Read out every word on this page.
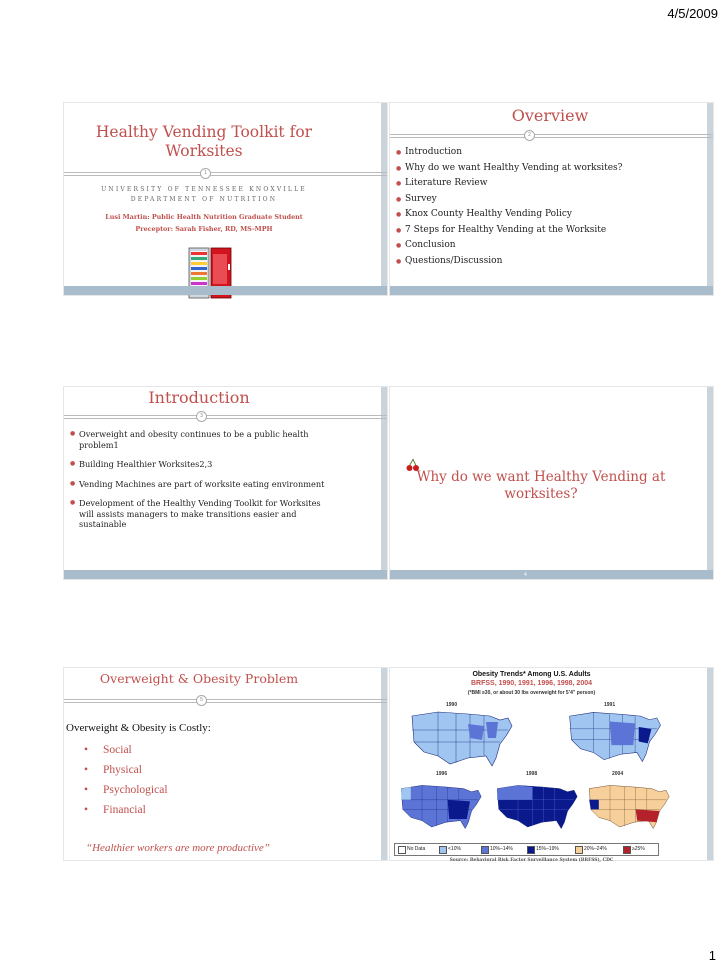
4/5/2009
Healthy Vending Toolkit for Worksites
1
UNIVERSITY OF TENNESSEE KNOXVILLE
DEPARTMENT OF NUTRITION
Lusi Martin: Public Health Nutrition Graduate Student
Preceptor: Sarah Fisher, RD, MS-MPH
Overview
2
● Introduction
● Why do we want Healthy Vending at worksites?
● Literature Review
● Survey
● Knox County Healthy Vending Policy
● 7 Steps for Healthy Vending at the Worksite
● Conclusion
● Questions/Discussion
Introduction
3
● Overweight and obesity continues to be a public health problem1
● Building Healthier Worksites2,3
● Vending Machines are part of worksite eating environment
● Development of the Healthy Vending Toolkit for Worksites will assists managers to make transitions easier and sustainable
Why do we want Healthy Vending at worksites?
4
Overweight & Obesity Problem
5
Overweight & Obesity is Costly:
• Social
• Physical
• Psychological
• Financial
“Healthier workers are more productive”
Obesity Trends* Among U.S. Adults
BRFSS, 1990, 1991, 1996, 1998, 2004
(*BMI ≥30, or about 30 lbs overweight for 5’4” person)
1990	1991
1996	1998	2004
No Data	<10%	10%–14%	15%–19%	20%–24%	≥25%
Source: Behavioral Risk Factor Surveillance System (BRFSS), CDC
1
